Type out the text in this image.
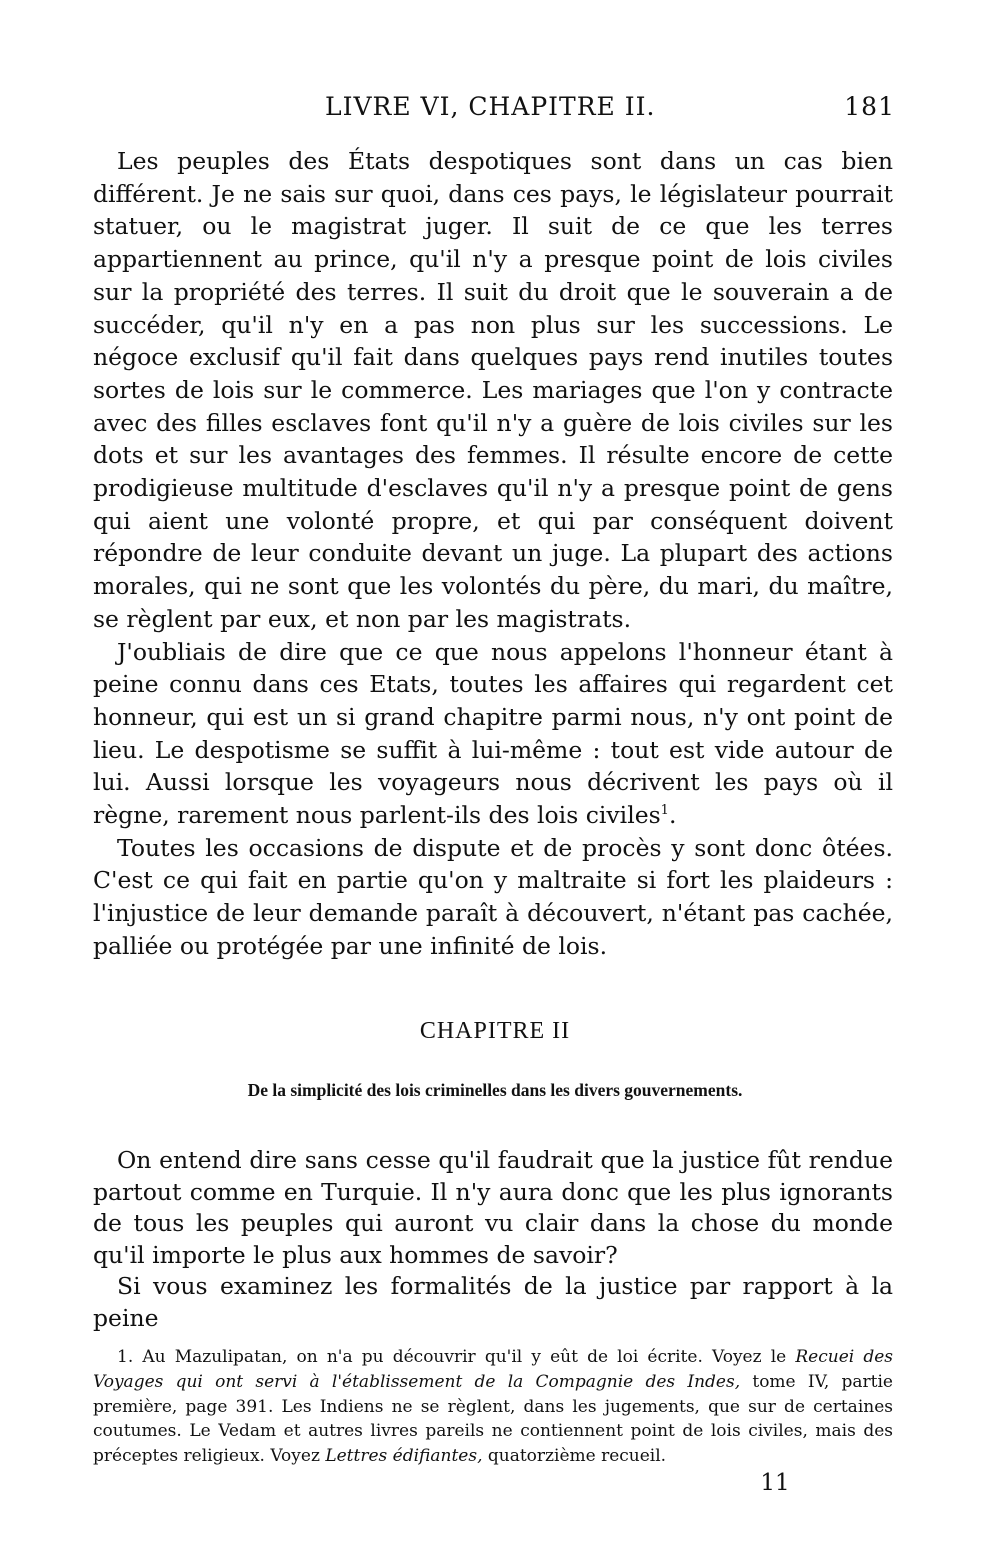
LIVRE VI, CHAPITRE II.	181

Les peuples des États despotiques sont dans un cas bien différent. Je ne sais sur quoi, dans ces pays, le législateur pourrait statuer, ou le magistrat juger. Il suit de ce que les terres appartiennent au prince, qu'il n'y a presque point de lois civiles sur la propriété des terres. Il suit du droit que le souverain a de succéder, qu'il n'y en a pas non plus sur les successions. Le négoce exclusif qu'il fait dans quelques pays rend inutiles toutes sortes de lois sur le commerce. Les mariages que l'on y contracte avec des filles esclaves font qu'il n'y a guère de lois civiles sur les dots et sur les avantages des femmes. Il résulte encore de cette prodigieuse multitude d'esclaves qu'il n'y a presque point de gens qui aient une volonté propre, et qui par conséquent doivent répondre de leur conduite devant un juge. La plupart des actions morales, qui ne sont que les volontés du père, du mari, du maître, se règlent par eux, et non par les magistrats.

J'oubliais de dire que ce que nous appelons l'honneur étant à peine connu dans ces Etats, toutes les affaires qui regardent cet honneur, qui est un si grand chapitre parmi nous, n'y ont point de lieu. Le despotisme se suffit à lui-même : tout est vide autour de lui. Aussi lorsque les voyageurs nous décrivent les pays où il règne, rarement nous parlent-ils des lois civiles$^1$.

Toutes les occasions de dispute et de procès y sont donc ôtées. C'est ce qui fait en partie qu'on y maltraite si fort les plaideurs : l'injustice de leur demande paraît à découvert, n'étant pas cachée, palliée ou protégée par une infinité de lois.

CHAPITRE II
De la simplicité des lois criminelles dans les divers gouvernements.

On entend dire sans cesse qu'il faudrait que la justice fût rendue partout comme en Turquie. Il n'y aura donc que les plus ignorants de tous les peuples qui auront vu clair dans la chose du monde qu'il importe le plus aux hommes de savoir?

Si vous examinez les formalités de la justice par rapport à la peine

1. Au Mazulipatan, on n'a pu découvrir qu'il y eût de loi écrite. Voyez le Recuei des Voyages qui ont servi à l'établissement de la Compagnie des Indes, tome IV, partie première, page 391. Les Indiens ne se règlent, dans les jugements, que sur de certaines coutumes. Le Vedam et autres livres pareils ne contiennent point de lois civiles, mais des préceptes religieux. Voyez Lettres édifiantes, quatorzième recueil.

11
